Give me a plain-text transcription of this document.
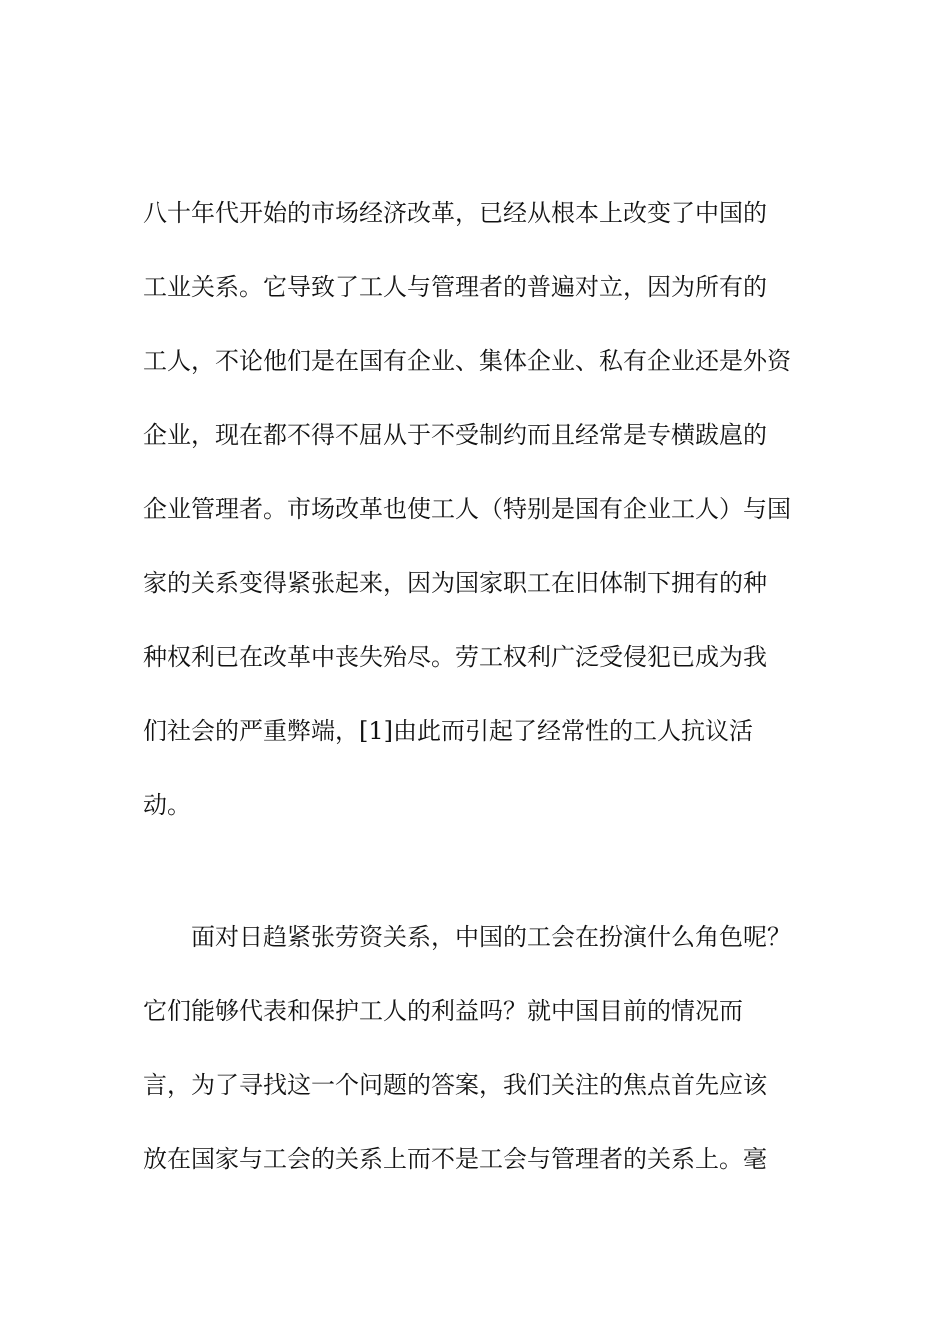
八十年代开始的市场经济改革，已经从根本上改变了中国的
工业关系。它导致了工人与管理者的普遍对立，因为所有的
工人，不论他们是在国有企业、集体企业、私有企业还是外资
企业，现在都不得不屈从于不受制约而且经常是专横跋扈的
企业管理者。市场改革也使工人（特别是国有企业工人）与国
家的关系变得紧张起来，因为国家职工在旧体制下拥有的种
种权利已在改革中丧失殆尽。劳工权利广泛受侵犯已成为我
们社会的严重弊端，[1]由此而引起了经常性的工人抗议活
动。
　　面对日趋紧张劳资关系，中国的工会在扮演什么角色呢？
它们能够代表和保护工人的利益吗？就中国目前的情况而
言，为了寻找这一个问题的答案，我们关注的焦点首先应该
放在国家与工会的关系上而不是工会与管理者的关系上。毫
